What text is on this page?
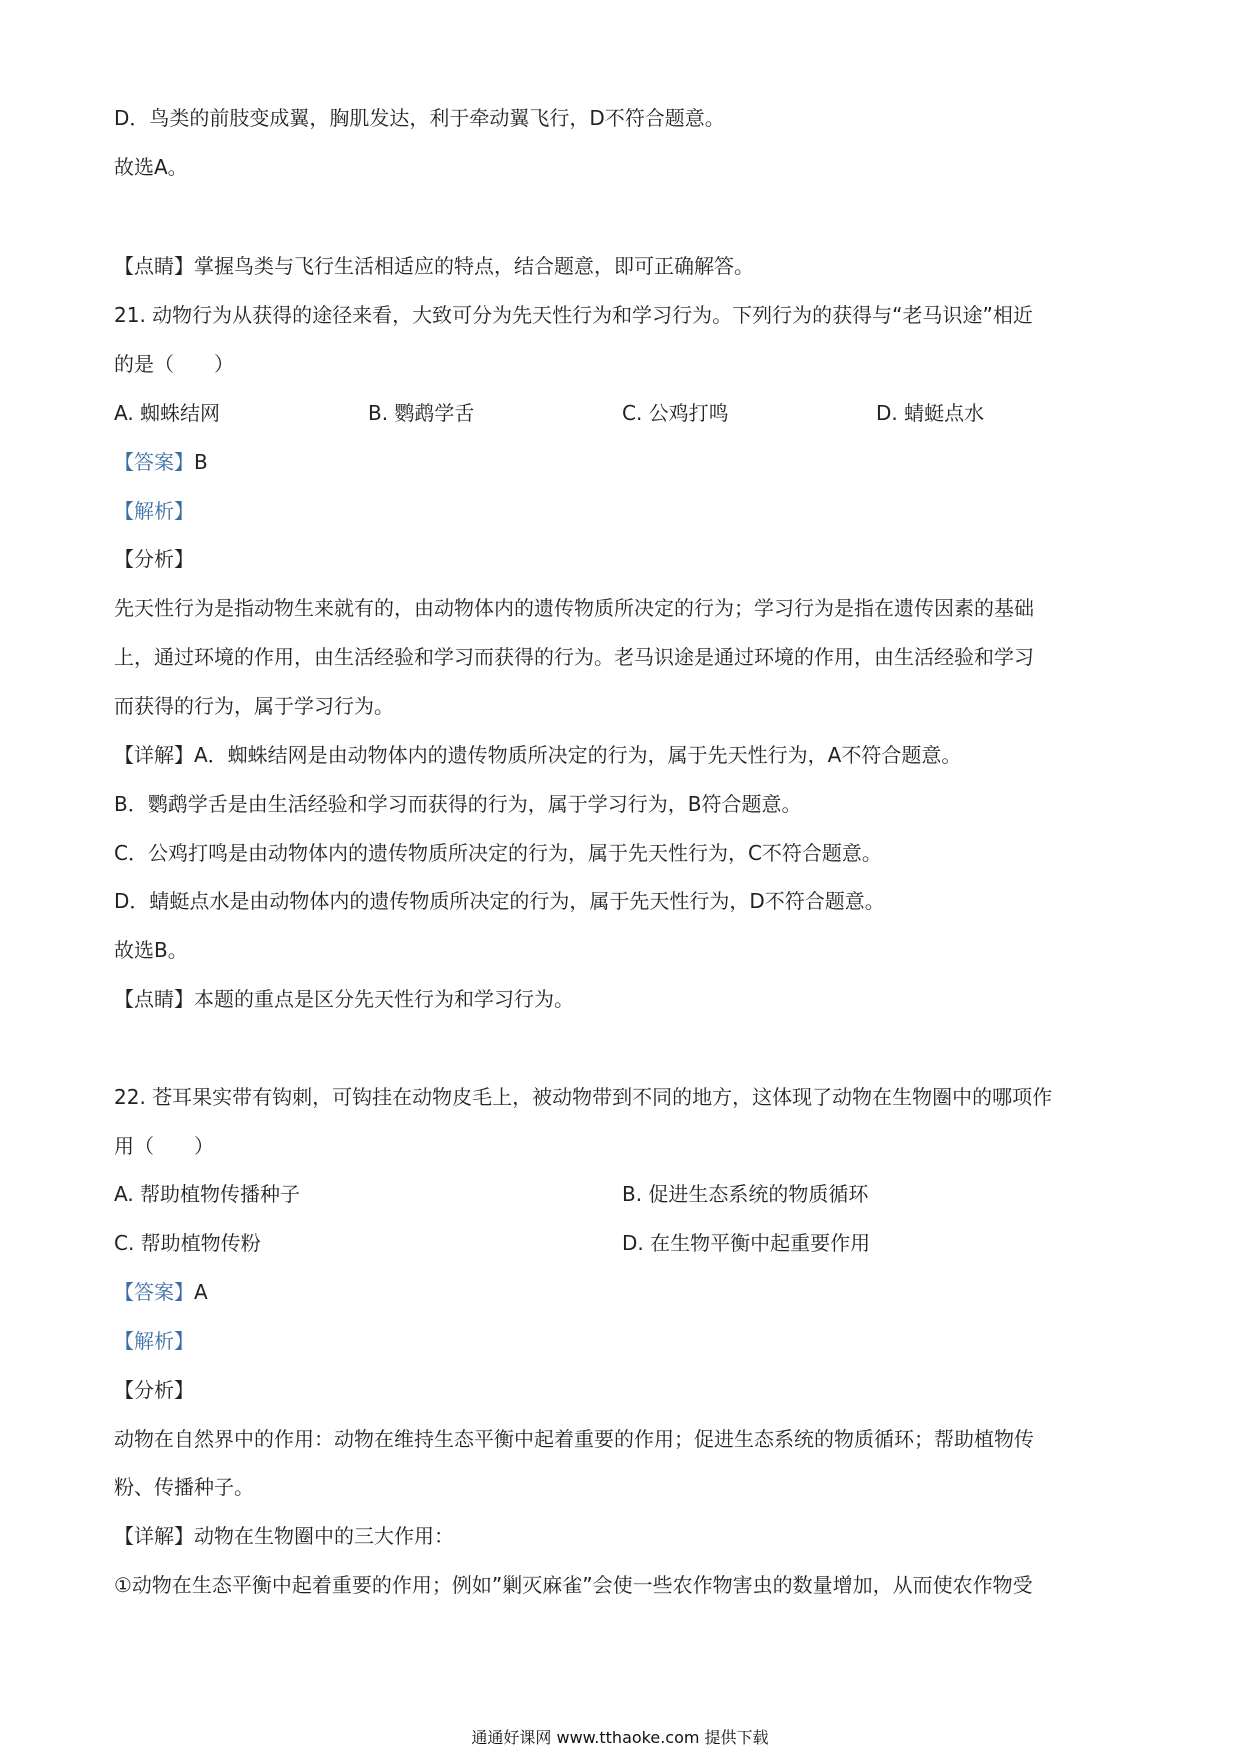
D．鸟类的前肢变成翼，胸肌发达，利于牵动翼飞行，D不符合题意。
故选A。
【点睛】掌握鸟类与飞行生活相适应的特点，结合题意，即可正确解答。
21. 动物行为从获得的途径来看，大致可分为先天性行为和学习行为。下列行为的获得与“老马识途”相近
的是（　　）
A. 蜘蛛结网	B. 鹦鹉学舌	C. 公鸡打鸣	D. 蜻蜓点水
【答案】B
【解析】
【分析】
先天性行为是指动物生来就有的，由动物体内的遗传物质所决定的行为；学习行为是指在遗传因素的基础
上，通过环境的作用，由生活经验和学习而获得的行为。老马识途是通过环境的作用，由生活经验和学习
而获得的行为，属于学习行为。
【详解】A．蜘蛛结网是由动物体内的遗传物质所决定的行为，属于先天性行为，A不符合题意。
B．鹦鹉学舌是由生活经验和学习而获得的行为，属于学习行为，B符合题意。
C．公鸡打鸣是由动物体内的遗传物质所决定的行为，属于先天性行为，C不符合题意。
D．蜻蜓点水是由动物体内的遗传物质所决定的行为，属于先天性行为，D不符合题意。
故选B。
【点睛】本题的重点是区分先天性行为和学习行为。
22. 苍耳果实带有钩刺，可钩挂在动物皮毛上，被动物带到不同的地方，这体现了动物在生物圈中的哪项作
用（　　）
A. 帮助植物传播种子	B. 促进生态系统的物质循环
C. 帮助植物传粉	D. 在生物平衡中起重要作用
【答案】A
【解析】
【分析】
动物在自然界中的作用：动物在维持生态平衡中起着重要的作用；促进生态系统的物质循环；帮助植物传
粉、传播种子。
【详解】动物在生物圈中的三大作用：
①动物在生态平衡中起着重要的作用；例如”剿灭麻雀”会使一些农作物害虫的数量增加，从而使农作物受
通通好课网 www.tthaoke.com 提供下载
